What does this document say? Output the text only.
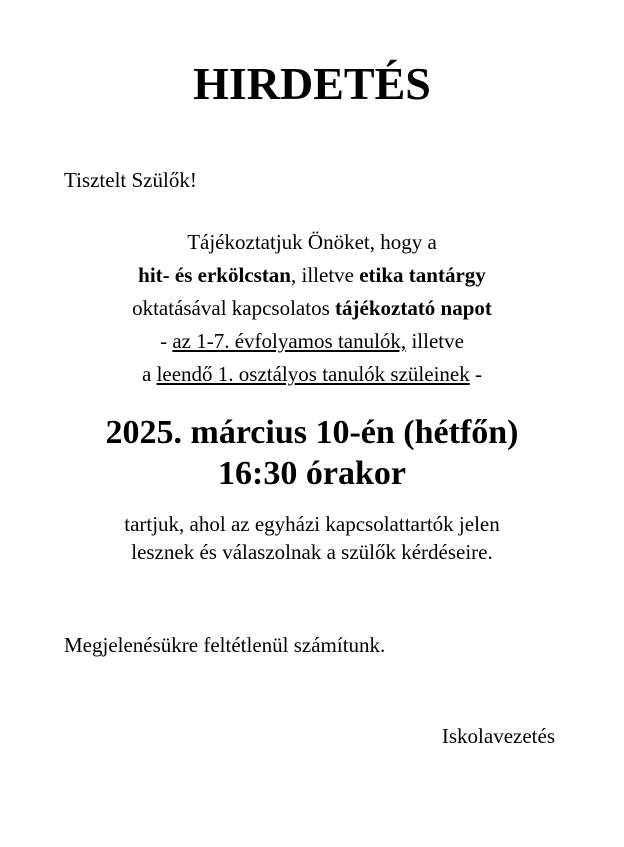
HIRDETÉS
Tisztelt Szülők!
Tájékoztatjuk Önöket, hogy a
hit- és erkölcstan, illetve etika tantárgy
oktatásával kapcsolatos tájékoztató napot
- az 1-7. évfolyamos tanulók, illetve
a leendő 1. osztályos tanulók szüleinek -
2025. március 10-én (hétfőn)
16:30 órakor
tartjuk, ahol az egyházi kapcsolattartók jelen
lesznek és válaszolnak a szülők kérdéseire.
Megjelenésükre feltétlenül számítunk.
Iskolavezetés
